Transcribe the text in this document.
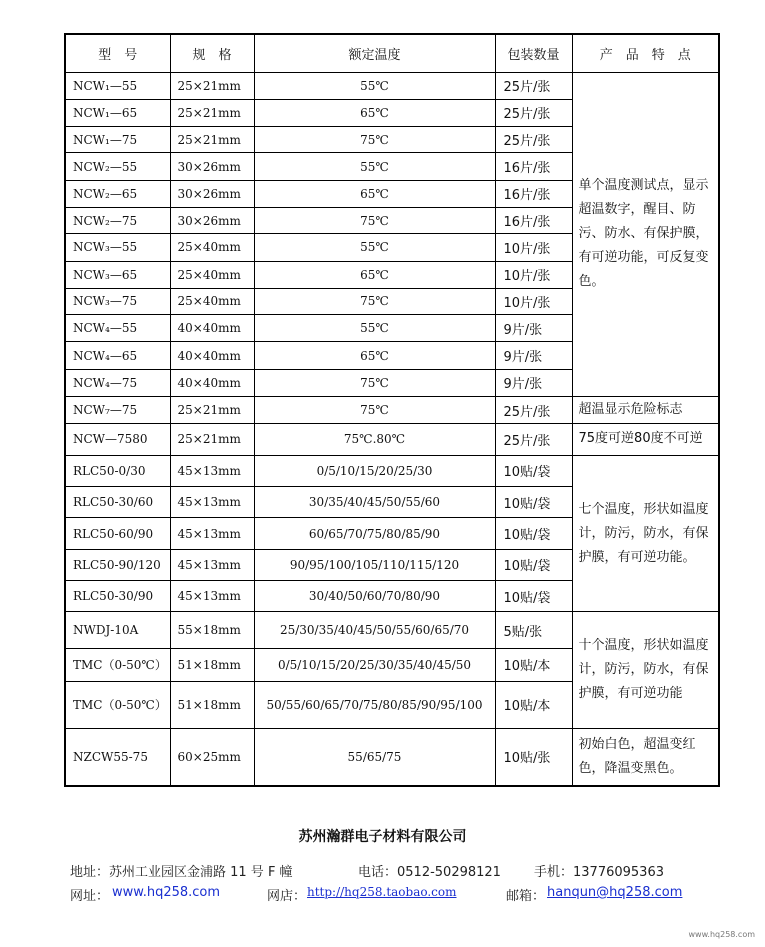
型　号	规　格	额定温度	包装数量	产　品　特　点
NCW₁—55	25×21mm	55℃	25片/张	单个温度测试点，显示超温数字，醒目、防污、防水、有保护膜，有可逆功能，可反复变色。
NCW₁—65	25×21mm	65℃	25片/张	
NCW₁—75	25×21mm	75℃	25片/张	
NCW₂—55	30×26mm	55℃	16片/张	
NCW₂—65	30×26mm	65℃	16片/张	
NCW₂—75	30×26mm	75℃	16片/张	
NCW₃—55	25×40mm	55℃	10片/张	
NCW₃—65	25×40mm	65℃	10片/张	
NCW₃—75	25×40mm	75℃	10片/张	
NCW₄—55	40×40mm	55℃	9片/张	
NCW₄—65	40×40mm	65℃	9片/张	
NCW₄—75	40×40mm	75℃	9片/张	
NCW₇—75	25×21mm	75℃	25片/张	超温显示危险标志
NCW—7580	25×21mm	75℃.80℃	25片/张	75度可逆80度不可逆
RLC50-0/30	45×13mm	0/5/10/15/20/25/30	10贴/袋	七个温度，形状如温度计，防污，防水，有保护膜，有可逆功能。
RLC50-30/60	45×13mm	30/35/40/45/50/55/60	10贴/袋	
RLC50-60/90	45×13mm	60/65/70/75/80/85/90	10贴/袋	
RLC50-90/120	45×13mm	90/95/100/105/110/115/120	10贴/袋	
RLC50-30/90	45×13mm	30/40/50/60/70/80/90	10贴/袋	
NWDJ-10A	55×18mm	25/30/35/40/45/50/55/60/65/70	5贴/张	十个温度，形状如温度计，防污，防水，有保护膜，有可逆功能
TMC（0-50℃）	51×18mm	0/5/10/15/20/25/30/35/40/45/50	10贴/本	
TMC（0-50℃）	51×18mm	50/55/60/65/70/75/80/85/90/95/100	10贴/本	
NZCW55-75	60×25mm	55/65/75	10贴/张	初始白色，超温变红色，降温变黑色。
苏州瀚群电子材料有限公司
地址：苏州工业园区金浦路 11 号 F 幢	电话：0512-50298121	手机：13776095363
网址： www.hq258.com	网店： http://hq258.taobao.com	邮箱： hanqun@hq258.com
www.hq258.com
